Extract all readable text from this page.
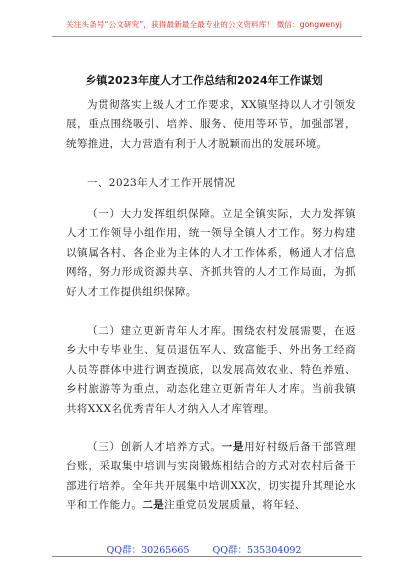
关注头条号“公文研究”，获得最新最全最专业的公文资料库！ 微信：gongwenyj
乡镇2023年度人才工作总结和2024年工作谋划

为贯彻落实上级人才工作要求，XX镇坚持以人才引领发展，重点围绕吸引、培养、服务、使用等环节，加强部署，统筹推进，大力营造有利于人才脱颖而出的发展环境。

一、2023年人才工作开展情况

（一）大力发挥组织保障。立足全镇实际，大力发挥镇人才工作领导小组作用，统一领导全镇人才工作。努力构建以镇属各村、各企业为主体的人才工作体系，畅通人才信息网络，努力形成资源共享、齐抓共管的人才工作局面，为抓好人才工作提供组织保障。

（二）建立更新青年人才库。围绕农村发展需要，在返乡大中专毕业生、复员退伍军人、致富能手、外出务工经商人员等群体中进行调查摸底，以发展高效农业、特色养殖、乡村旅游等为重点，动态化建立更新青年人才库。当前我镇共将XXX名优秀青年人才纳入人才库管理。

（三）创新人才培养方式。一是用好村级后备干部管理台账，采取集中培训与实岗锻炼相结合的方式对农村后备干部进行培养。全年共开展集中培训XX次，切实提升其理论水平和工作能力。二是注重党员发展质量，将年轻、

QQ群：30265665 QQ群：535304092
